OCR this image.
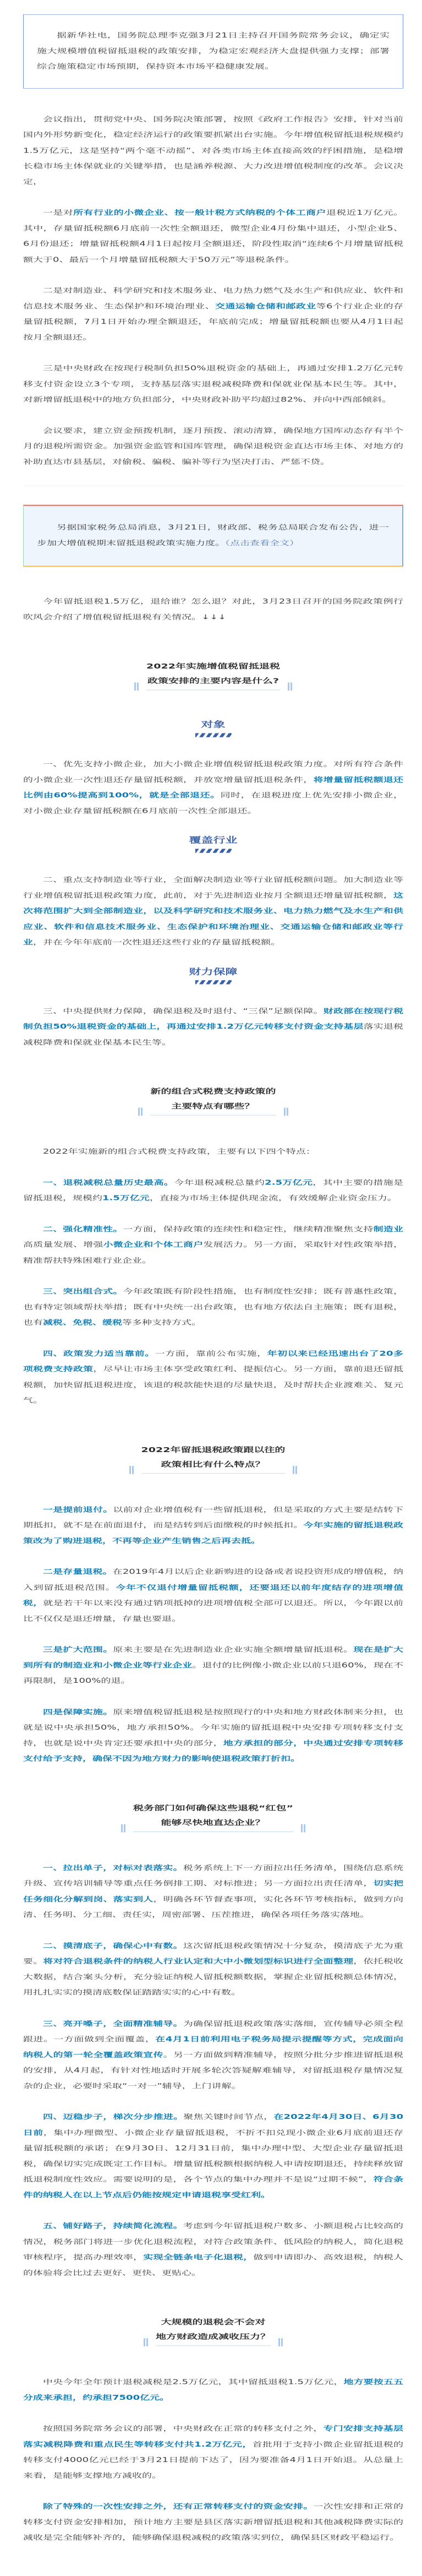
据新华社电，国务院总理李克强3月21日主持召开国务院常务会议，确定实施大规模增值税留抵退税的政策安排，为稳定宏观经济大盘提供强力支撑；部署综合施策稳定市场预期，保持资本市场平稳健康发展。

会议指出，贯彻党中央、国务院决策部署，按照《政府工作报告》安排，针对当前国内外形势新变化，稳定经济运行的政策要抓紧出台实施。今年增值税留抵退税规模约1.5万亿元，这是坚持“两个毫不动摇”、对各类市场主体直接高效的纾困措施，是稳增长稳市场主体保就业的关键举措，也是涵养税源、大力改进增值税制度的改革。会议决定，

一是对所有行业的小微企业、按一般计税方式纳税的个体工商户退税近1万亿元。其中，存量留抵税额6月底前一次性全额退还，微型企业4月份集中退还，小型企业5、6月份退还；增量留抵税额4月1日起按月全额退还，阶段性取消“连续6个月增量留抵税额大于0、最后一个月增量留抵税额大于50万元”等退税条件。

二是对制造业、科学研究和技术服务业、电力热力燃气及水生产和供应业、软件和信息技术服务业、生态保护和环境治理业、交通运输仓储和邮政业等6个行业企业的存量留抵税额，7月1日开始办理全额退还，年底前完成；增量留抵税额也要从4月1日起按月全额退还。

三是中央财政在按现行税制负担50%退税资金的基础上，再通过安排1.2万亿元转移支付资金设立3个专项，支持基层落实退税减税降费和保就业保基本民生等。其中，对新增留抵退税中的地方负担部分，中央财政补助平均超过82%、并向中西部倾斜。

会议要求，建立资金预拨机制，逐月预拨、滚动清算，确保地方国库动态存有半个月的退税所需资金。加强资金监管和国库管理，确保退税资金直达市场主体、对地方的补助直达市县基层，对偷税、骗税、骗补等行为坚决打击、严惩不贷。

另据国家税务总局消息，3月21日，财政部、税务总局联合发布公告，进一步加大增值税期末留抵退税政策实施力度。（点击查看全文）

今年留抵退税1.5万亿，退给谁？怎么退？对此，3月23日召开的国务院政策例行吹风会介绍了增值税留抵退税有关情况。↓↓↓

2022年实施增值税留抵退税
政策安排的主要内容是什么?
对象

一、优先支持小微企业，加大小微企业增值税留抵退税政策力度。对所有符合条件的小微企业一次性退还存量留抵税额，并放宽增量留抵退税条件，将增量留抵税额退还比例由60%提高到100%，就是全部退还。同时，在退税进度上优先安排小微企业，对小微企业存量留抵税额在6月底前一次性全部退还。

覆盖行业

二、重点支持制造业等行业，全面解决制造业等行业留抵税额问题。加大制造业等行业增值税留抵退税政策力度，此前，对于先进制造业按月全额退还增量留抵税额，这次将范围扩大到全部制造业，以及科学研究和技术服务业、电力热力燃气及水生产和供应业、软件和信息技术服务业、生态保护和环境治理业、交通运输仓储和邮政业等行业，并在今年年底前一次性退还这些行业的存量留抵税额。

财力保障

三、中央提供财力保障，确保退税及时退付、“三保”足额保障。财政部在按现行税制负担50%退税资金的基础上，再通过安排1.2万亿元转移支付资金支持基层落实退税减税降费和保就业保基本民生等。

新的组合式税费支持政策的
主要特点有哪些？

2022年实施新的组合式税费支持政策，主要有以下四个特点：

一、退税减税总量历史最高。今年退税减税总量约2.5万亿元，其中主要的措施是留抵退税，规模约1.5万亿元，直接为市场主体提供现金流，有效缓解企业资金压力。

二、强化精准性。一方面，保持政策的连续性和稳定性，继续精准聚焦支持制造业高质量发展、增强小微企业和个体工商户发展活力。另一方面，采取针对性政策举措，精准帮扶特殊困难行业企业。

三、突出组合式。今年政策既有阶段性措施，也有制度性安排；既有普惠性政策，也有特定领域帮扶举措；既有中央统一出台政策，也有地方依法自主施策；既有退税，也有减税、免税、缓税等多种支持方式。

四、政策发力适当靠前。一方面，靠前公布实施，年初以来已经迅速出台了20多项税费支持政策，尽早让市场主体享受政策红利、提振信心。另一方面，靠前退还留抵税额，加快留抵退税进度，该退的税款能快退的尽量快退，及时帮扶企业渡难关、复元气。

2022年留抵退税政策跟以往的
政策相比有什么特点？

一是提前退付。以前对企业增值税有一些留抵退税，但是采取的方式主要是结转下期抵扣，就不是在前面退付，而是结转到后面缴税的时候抵扣。今年实施的留抵退税政策改为了购进退税，不再等企业产生销售之后再去抵。

二是存量退税。在2019年4月以后企业新购进的设备或者说投资形成的增值税，纳入到留抵退税范围。今年不仅退付增量留抵税额，还要退还以前年度结存的进项增值税，就是若干年以来没有通过销项抵掉的进项增值税全部可以退还。所以，今年跟以前比不仅仅是退还增量，存量也要退。

三是扩大范围。原来主要是在先进制造业企业实施全额增量留抵退税。现在是扩大到所有的制造业和小微企业等行业企业。退付的比例像小微企业以前只退60%，现在不再限制，是100%的退。

四是保障实施。原来增值税留抵退税是按照现行的中央和地方财政体制来分担，也就是说中央承担50%，地方承担50%。今年实施的留抵退税中央安排专项转移支付支持，也就是说中央肯定还要承担中央的部分，地方承担的部分，中央通过安排专项转移支付给予支持，确保不因为地方财力的影响使退税政策打折扣。

税务部门如何确保这些退税“红包”
能够尽快地直达企业？

一、拉出单子，对标对表落实。税务系统上下一方面拉出任务清单，围绕信息系统升级、宣传培训辅导等重点任务倒排工期、对标推进；另一方面拉出责任清单，切实把任务细化分解到岗、落实到人，明确各环节督查事项，实化各环节考核指标，做到方向清、任务明、分工细、责任实，周密部署、压茬推进，确保各项任务落实落地。

二、摸清底子，确保心中有数。这次留抵退税政策情况十分复杂，摸清底子尤为重要。将对符合退税条件的纳税人行业认定和大中小微划型标识进行全面整理，依托税收大数据，结合案头分析，充分验证纳税人留抵税额数据，掌握企业留抵税额总体情况，用扎扎实实的摸清底数保证踏踏实实的心中有数。

三、亮开嗓子，全面精准辅导。为确保留抵退税政策落实落细，宣传辅导必须全程跟进。一方面做到全面覆盖，在4月1日前利用电子税务局提示提醒等方式，完成面向纳税人的第一轮全覆盖政策宣传。另一方面做到精准辅导，按照分批分步推进留抵退税的安排，从4月起，有针对性地适时开展多轮次答疑解难辅导，对留抵退税存量情况复杂的企业，必要时采取“一对一”辅导，上门讲解。

四、迈稳步子，梯次分步推进。聚焦关键时间节点，在2022年4月30日、6月30日前，集中办理微型、小微企业存量留抵退税，不折不扣兑现小微企业6月底前退还存量留抵税额的承诺；在9月30日、12月31日前，集中办理中型、大型企业存量留抵退税，确保切实完成既定工作目标。增量留抵税额根据纳税人申请按期退还，持续释放留抵退税制度性效应。需要说明的是，各个节点的集中办理并不是说“过期不候”，符合条件的纳税人在以上节点后仍能按规定申请退税享受红利。

五、铺好路子，持续简化流程。考虑到今年留抵退税户数多、小额退税占比较高的情况，税务部门将进一步优化退税流程，对符合政策条件、低风险的纳税人，简化退税审核程序，提高办理效率，实现全链条电子化退税，做到申请即办、高效退税，纳税人的体验将会比过去更好、更快、更贴心。

大规模的退税会不会对
地方财政造成减收压力？

中央今年全年预计退税减税是2.5万亿元，其中留抵退税1.5万亿元，地方要按五五分成来承担，约承担7500亿元。

按照国务院常务会议的部署，中央财政在正常的转移支付之外，专门安排支持基层落实减税降费和重点民生等转移支付共1.2万亿元，首批用于支持小微企业留抵退税的转移支付4000亿元已经于3月21日提前下达了，因为要准备4月1日开始退。从总量上来看，是能够支撑地方减收的。

除了特殊的一次性安排之外，还有正常转移支付的资金安排。一次性安排和正常的转移支付资金安排相加，预计地方主要是县区落实新增留抵退税和其他减税降费实际的减收是完全能够补齐的，能够确保退税减税的政策落实到位，确保县区财政平稳运行。
